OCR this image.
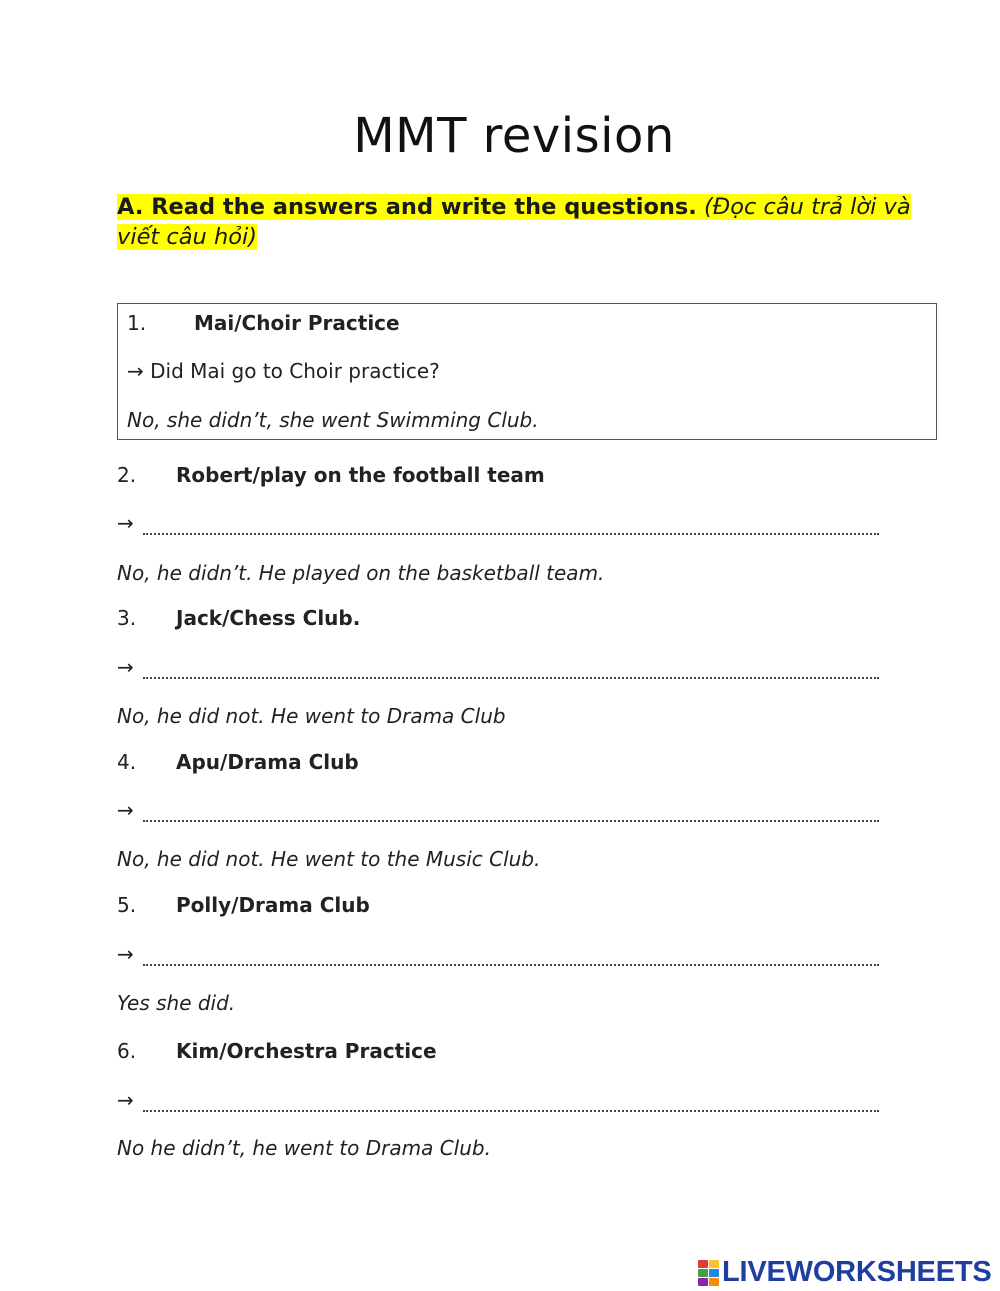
MMT revision
A. Read the answers and write the questions. (Đọc câu trả lời và viết câu hỏi)
1. Mai/Choir Practice
→ Did Mai go to Choir practice?
No, she didn’t, she went Swimming Club.
2. Robert/play on the football team
→
No, he didn’t. He played on the basketball team.
3. Jack/Chess Club.
→
No, he did not. He went to Drama Club
4. Apu/Drama Club
→
No, he did not. He went to the Music Club.
5. Polly/Drama Club
→
Yes she did.
6. Kim/Orchestra Practice
→
No he didn’t, he went to Drama Club.
LIVEWORKSHEETS
